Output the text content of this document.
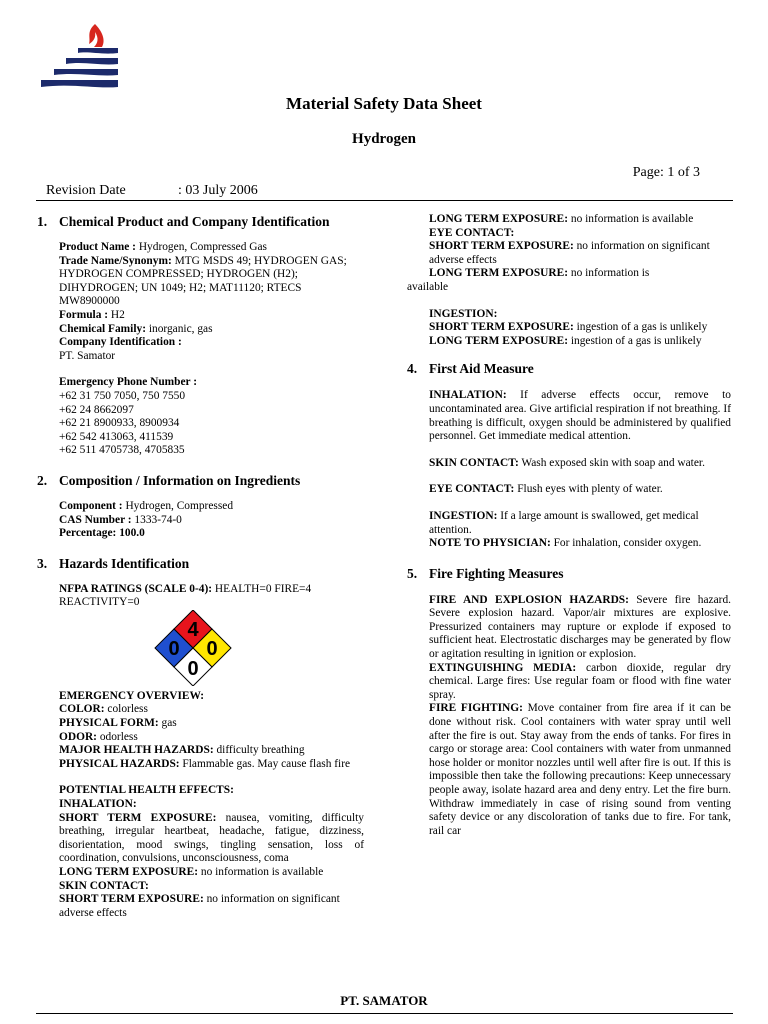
Material Safety Data Sheet
Hydrogen
Page: 1 of 3
Revision Date	: 03 July 2006
1. Chemical Product and Company Identification

Product Name : Hydrogen, Compressed Gas

Trade Name/Synonym: MTG MSDS 49; HYDROGEN GAS; HYDROGEN COMPRESSED; HYDROGEN (H2); DIHYDROGEN; UN 1049; H2; MAT11120; RTECS MW8900000

Formula : H2

Chemical Family: inorganic, gas

Company Identification :

PT. Samator

Emergency Phone Number :

+62 31 750 7050, 750 7550

+62 24 8662097

+62 21 8900933, 8900934

+62 542 413063, 411539

+62 511 4705738, 4705835

2. Composition / Information on Ingredients

Component : Hydrogen, Compressed

CAS Number : 1333-74-0

Percentage: 100.0

3. Hazards Identification

NFPA RATINGS (SCALE 0-4): HEALTH=0 FIRE=4 REACTIVITY=0

4
0 0
0

EMERGENCY OVERVIEW:

COLOR: colorless

PHYSICAL FORM: gas

ODOR: odorless

MAJOR HEALTH HAZARDS: difficulty breathing

PHYSICAL HAZARDS: Flammable gas. May cause flash fire

POTENTIAL HEALTH EFFECTS:

INHALATION:

SHORT TERM EXPOSURE: nausea, vomiting, difficulty breathing, irregular heartbeat, headache, fatigue, dizziness, disorientation, mood swings, tingling sensation, loss of coordination, convulsions, unconsciousness, coma

LONG TERM EXPOSURE: no information is available

SKIN CONTACT:

SHORT TERM EXPOSURE: no information on significant adverse effects

LONG TERM EXPOSURE: no information is available

EYE CONTACT:

SHORT TERM EXPOSURE: no information on significant adverse effects

LONG TERM EXPOSURE: no information is

available

INGESTION:

SHORT TERM EXPOSURE: ingestion of a gas is unlikely

LONG TERM EXPOSURE: ingestion of a gas is unlikely

4. First Aid Measure

INHALATION: If adverse effects occur, remove to uncontaminated area. Give artificial respiration if not breathing. If breathing is difficult, oxygen should be administered by qualified personnel. Get immediate medical attention.

SKIN CONTACT: Wash exposed skin with soap and water.

EYE CONTACT: Flush eyes with plenty of water.

INGESTION: If a large amount is swallowed, get medical attention.

NOTE TO PHYSICIAN: For inhalation, consider oxygen.

5. Fire Fighting Measures

FIRE AND EXPLOSION HAZARDS: Severe fire hazard. Severe explosion hazard. Vapor/air mixtures are explosive. Pressurized containers may rupture or explode if exposed to sufficient heat. Electrostatic discharges may be generated by flow or agitation resulting in ignition or explosion.

EXTINGUISHING MEDIA: carbon dioxide, regular dry chemical. Large fires: Use regular foam or flood with fine water spray.

FIRE FIGHTING: Move container from fire area if it can be done without risk. Cool containers with water spray until well after the fire is out. Stay away from the ends of tanks. For fires in cargo or storage area: Cool containers with water from unmanned hose holder or monitor nozzles until well after fire is out. If this is impossible then take the following precautions: Keep unnecessary people away, isolate hazard area and deny entry. Let the fire burn. Withdraw immediately in case of rising sound from venting safety device or any discoloration of tanks due to fire. For tank, rail car

PT. SAMATOR
